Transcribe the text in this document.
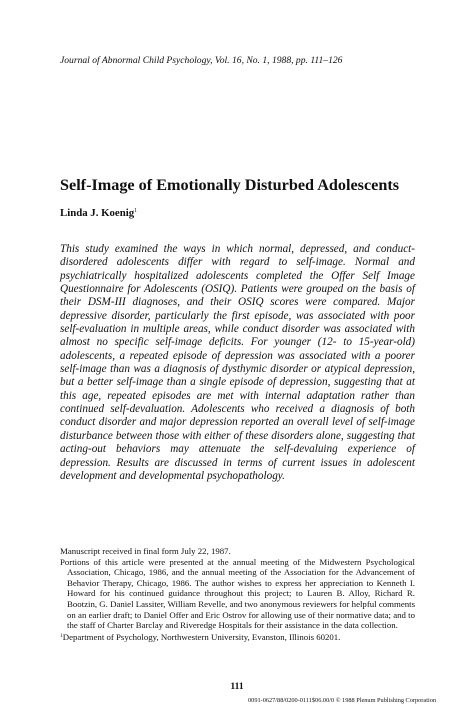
Journal of Abnormal Child Psychology, Vol. 16, No. 1, 1988, pp. 111–126
Self-Image of Emotionally Disturbed Adolescents
Linda J. Koenig$^1$

This study examined the ways in which normal, depressed, and conduct-disordered adolescents differ with regard to self-image. Normal and psychiatrically hospitalized adolescents completed the Offer Self Image Questionnaire for Adolescents (OSIQ). Patients were grouped on the basis of their DSM-III diagnoses, and their OSIQ scores were compared. Major depressive disorder, particularly the first episode, was associated with poor self-evaluation in multiple areas, while conduct disorder was associated with almost no specific self-image deficits. For younger (12- to 15-year-old) adolescents, a repeated episode of depression was associated with a poorer self-image than was a diagnosis of dysthymic disorder or atypical depression, but a better self-image than a single episode of depression, suggesting that at this age, repeated episodes are met with internal adaptation rather than continued self-devaluation. Adolescents who received a diagnosis of both conduct disorder and major depression reported an overall level of self-image disturbance between those with either of these disorders alone, suggesting that acting-out behaviors may attenuate the self-devaluing experience of depression. Results are discussed in terms of current issues in adolescent development and developmental psychopathology.

Manuscript received in final form July 22, 1987.

Portions of this article were presented at the annual meeting of the Midwestern Psychological Association, Chicago, 1986, and the annual meeting of the Association for the Advancement of Behavior Therapy, Chicago, 1986. The author wishes to express her appreciation to Kenneth I. Howard for his continued guidance throughout this project; to Lauren B. Alloy, Richard R. Bootzin, G. Daniel Lassiter, William Revelle, and two anonymous reviewers for helpful comments on an earlier draft; to Daniel Offer and Eric Ostrov for allowing use of their normative data; and to the staff of Charter Barclay and Riveredge Hospitals for their assistance in the data collection.

$^1$Department of Psychology, Northwestern University, Evanston, Illinois 60201.

111
0091-0627/88/0200-0111$06.00/0 © 1988 Plenum Publishing Corporation
